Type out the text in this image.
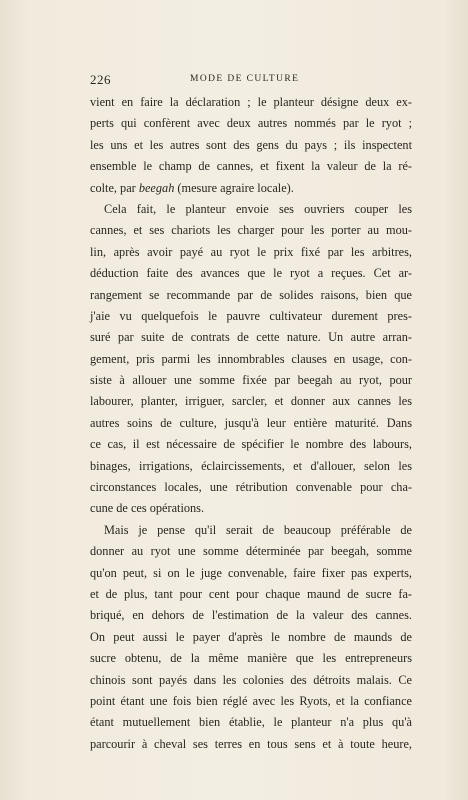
226	MODE DE CULTURE
vient en faire la déclaration ; le planteur désigne deux ex-
perts qui confèrent avec deux autres nommés par le ryot ;
les uns et les autres sont des gens du pays ; ils inspectent
ensemble le champ de cannes, et fixent la valeur de la ré-
colte, par beegah (mesure agraire locale).
Cela fait, le planteur envoie ses ouvriers couper les
cannes, et ses chariots les charger pour les porter au mou-
lin, après avoir payé au ryot le prix fixé par les arbitres,
déduction faite des avances que le ryot a reçues. Cet ar-
rangement se recommande par de solides raisons, bien que
j'aie vu quelquefois le pauvre cultivateur durement pres-
suré par suite de contrats de cette nature. Un autre arran-
gement, pris parmi les innombrables clauses en usage, con-
siste à allouer une somme fixée par beegah au ryot, pour
labourer, planter, irriguer, sarcler, et donner aux cannes les
autres soins de culture, jusqu'à leur entière maturité. Dans
ce cas, il est nécessaire de spécifier le nombre des labours,
binages, irrigations, éclaircissements, et d'allouer, selon les
circonstances locales, une rétribution convenable pour cha-
cune de ces opérations.
Mais je pense qu'il serait de beaucoup préférable de
donner au ryot une somme déterminée par beegah, somme
qu'on peut, si on le juge convenable, faire fixer pas experts,
et de plus, tant pour cent pour chaque maund de sucre fa-
briqué, en dehors de l'estimation de la valeur des cannes.
On peut aussi le payer d'après le nombre de maunds de
sucre obtenu, de la même manière que les entrepreneurs
chinois sont payés dans les colonies des détroits malais. Ce
point étant une fois bien réglé avec les Ryots, et la confiance
étant mutuellement bien établie, le planteur n'a plus qu'à
parcourir à cheval ses terres en tous sens et à toute heure,
